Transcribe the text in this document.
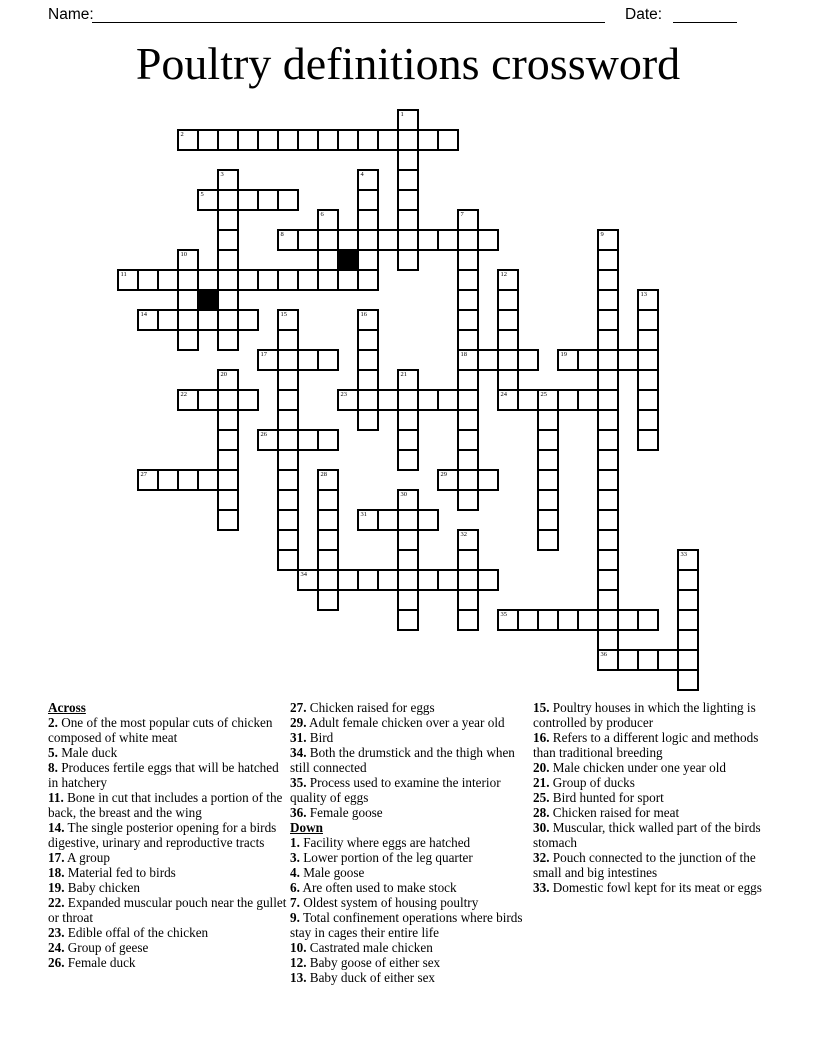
Name:	Date:
Poultry definitions crossword
1
2
3	4
5
6	7
18
8	9
36
10
11	12
24
13
14	15	16
17	19
20	21
22	23	25
26
27	28	29
30
31
32
33
34
35
Across
2. One of the most popular cuts of chicken composed of white meat
5. Male duck
8. Produces fertile eggs that will be hatched in hatchery
11. Bone in cut that includes a portion of the back, the breast and the wing
14. The single posterior opening for a birds digestive, urinary and reproductive tracts
17. A group
18. Material fed to birds
19. Baby chicken
22. Expanded muscular pouch near the gullet or throat
23. Edible offal of the chicken
24. Group of geese
26. Female duck
27. Chicken raised for eggs
29. Adult female chicken over a year old
31. Bird
34. Both the drumstick and the thigh when still connected
35. Process used to examine the interior quality of eggs
36. Female goose
Down
1. Facility where eggs are hatched
3. Lower portion of the leg quarter
4. Male goose
6. Are often used to make stock
7. Oldest system of housing poultry
9. Total confinement operations where birds stay in cages their entire life
10. Castrated male chicken
12. Baby goose of either sex
13. Baby duck of either sex
15. Poultry houses in which the lighting is controlled by producer
16. Refers to a different logic and methods than traditional breeding
20. Male chicken under one year old
21. Group of ducks
25. Bird hunted for sport
28. Chicken raised for meat
30. Muscular, thick walled part of the birds stomach
32. Pouch connected to the junction of the small and big intestines
33. Domestic fowl kept for its meat or eggs
